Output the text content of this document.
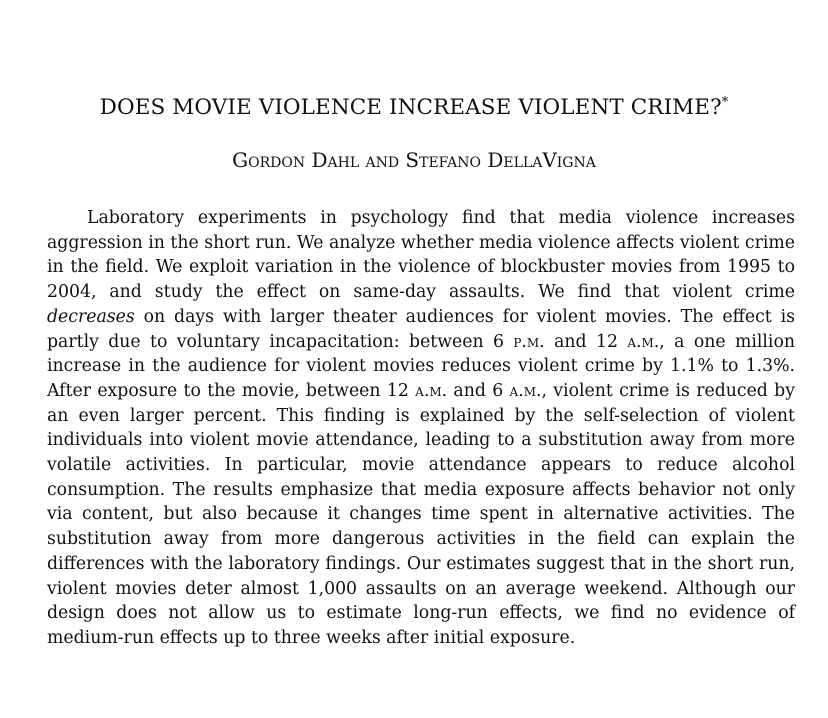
DOES MOVIE VIOLENCE INCREASE VIOLENT CRIME?*

Gordon Dahl and Stefano DellaVigna

Laboratory experiments in psychology find that media violence increases aggression in the short run. We analyze whether media violence affects violent crime in the field. We exploit variation in the violence of blockbuster movies from 1995 to 2004, and study the effect on same-day assaults. We find that violent crime decreases on days with larger theater audiences for violent movies. The effect is partly due to voluntary incapacitation: between 6 p.m. and 12 a.m., a one million increase in the audience for violent movies reduces violent crime by 1.1% to 1.3%. After exposure to the movie, between 12 a.m. and 6 a.m., violent crime is reduced by an even larger percent. This finding is explained by the self-selection of violent individuals into violent movie attendance, leading to a substitution away from more volatile activities. In particular, movie attendance appears to reduce alcohol consumption. The results emphasize that media exposure affects behavior not only via content, but also because it changes time spent in alternative activities. The substitution away from more dangerous activities in the field can explain the differences with the laboratory findings. Our estimates suggest that in the short run, violent movies deter almost 1,000 assaults on an average weekend. Although our design does not allow us to estimate long-run effects, we find no evidence of medium-run effects up to three weeks after initial exposure.
